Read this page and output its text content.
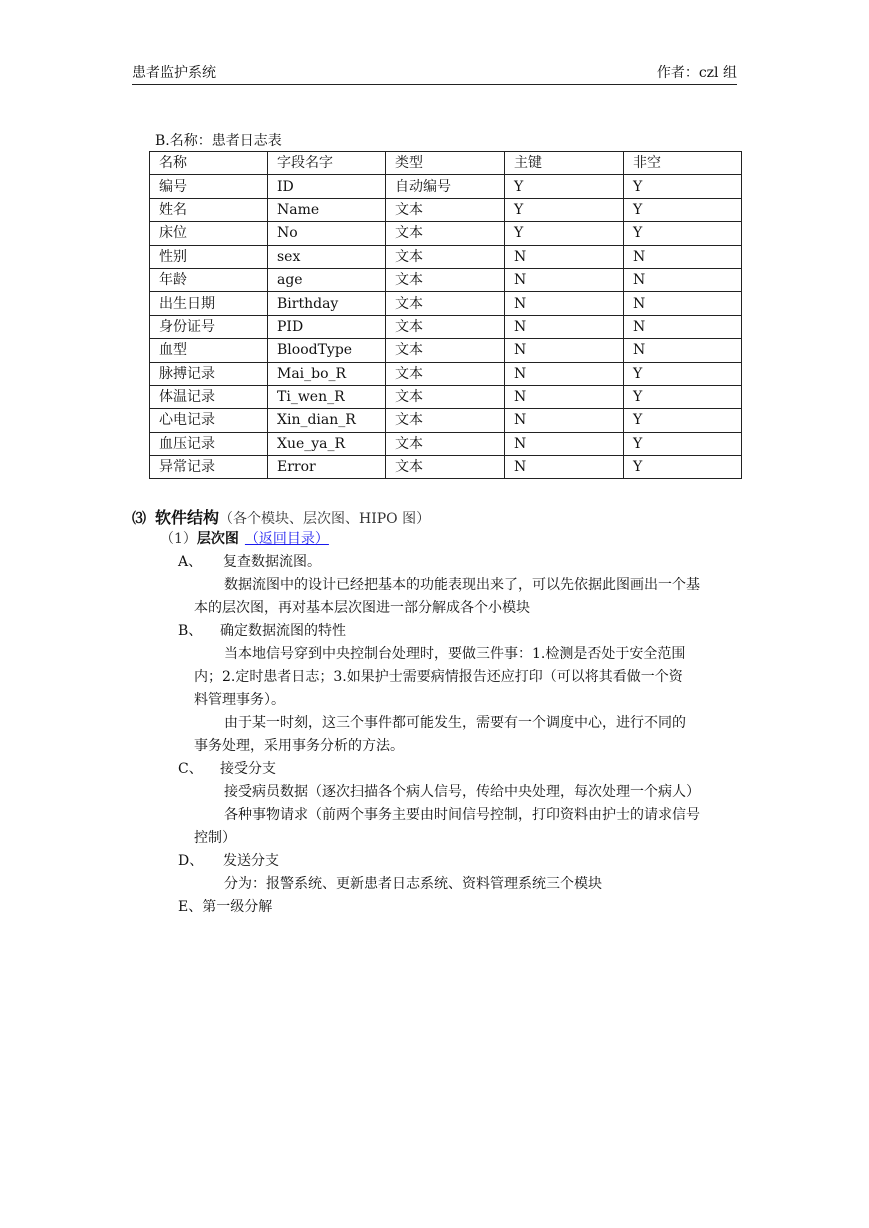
患者监护系统	作者：czl 组
B.名称：患者日志表
名称	字段名字	类型	主键	非空
编号	ID	自动编号	Y	Y
姓名	Name	文本	Y	Y
床位	No	文本	Y	Y
性别	sex	文本	N	N
年龄	age	文本	N	N
出生日期	Birthday	文本	N	N
身份证号	PID	文本	N	N
血型	BloodType	文本	N	N
脉搏记录	Mai_bo_R	文本	N	Y
体温记录	Ti_wen_R	文本	N	Y
心电记录	Xin_dian_R	文本	N	Y
血压记录	Xue_ya_R	文本	N	Y
异常记录	Error	文本	N	Y
⑶ 软件结构 （各个模块、层次图、HIPO 图）
（1） 层次图 （返回目录）
A、 复查数据流图。
数据流图中的设计已经把基本的功能表现出来了，可以先依据此图画出一个基
本的层次图，再对基本层次图进一部分解成各个小模块
B、 确定数据流图的特性
当本地信号穿到中央控制台处理时，要做三件事：1.检测是否处于安全范围
内；2.定时患者日志；3.如果护士需要病情报告还应打印（可以将其看做一个资
料管理事务）。
由于某一时刻，这三个事件都可能发生，需要有一个调度中心，进行不同的
事务处理，采用事务分析的方法。
C、 接受分支
接受病员数据（逐次扫描各个病人信号，传给中央处理，每次处理一个病人）
各种事物请求（前两个事务主要由时间信号控制，打印资料由护士的请求信号
控制）
D、 发送分支
分为：报警系统、更新患者日志系统、资料管理系统三个模块
E、第一级分解
